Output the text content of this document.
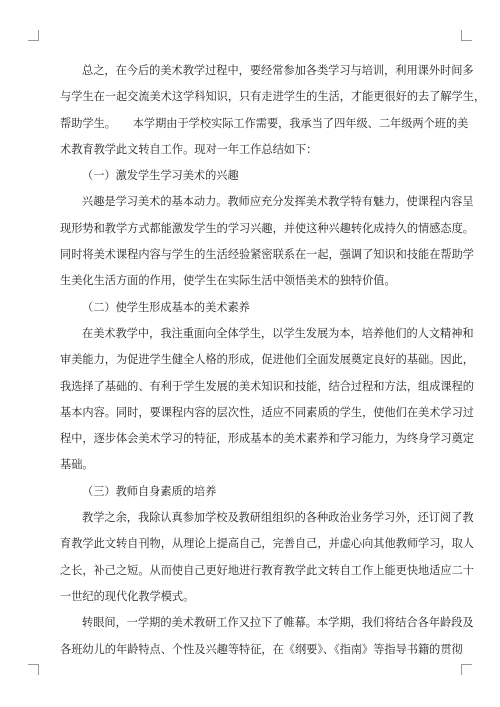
总之，在今后的美术教学过程中，要经常参加各类学习与培训，利用课外时间多
与学生在一起交流美术这学科知识，只有走进学生的生活，才能更很好的去了解学生，
帮助学生。　　本学期由于学校实际工作需要，我承当了四年级、二年级两个班的美
术教育教学此文转自工作。现对一年工作总结如下：
（一）激发学生学习美术的兴趣
兴趣是学习美术的基本动力。教师应充分发挥美术教学特有魅力，使课程内容呈
现形势和教学方式都能激发学生的学习兴趣，并使这种兴趣转化成持久的情感态度。
同时将美术课程内容与学生的生活经验紧密联系在一起，强调了知识和技能在帮助学
生美化生活方面的作用，使学生在实际生活中领悟美术的独特价值。
（二）使学生形成基本的美术素养
在美术教学中，我注重面向全体学生，以学生发展为本，培养他们的人文精神和
审美能力，为促进学生健全人格的形成，促进他们全面发展奠定良好的基础。因此，
我选择了基础的、有利于学生发展的美术知识和技能，结合过程和方法，组成课程的
基本内容。同时，要课程内容的层次性，适应不同素质的学生，使他们在美术学习过
程中，逐步体会美术学习的特征，形成基本的美术素养和学习能力，为终身学习奠定
基础。
（三）教师自身素质的培养
教学之余，我除认真参加学校及教研组组织的各种政治业务学习外，还订阅了教
育教学此文转自刊物，从理论上提高自己，完善自己，并虚心向其他教师学习，取人
之长，补己之短。从而使自己更好地进行教育教学此文转自工作上能更快地适应二十
一世纪的现代化教学模式。
转眼间，一学期的美术教研工作又拉下了帷幕。本学期，我们将结合各年龄段及
各班幼儿的年龄特点、个性及兴趣等特征，在《纲要》、《指南》等指导书籍的贯彻
